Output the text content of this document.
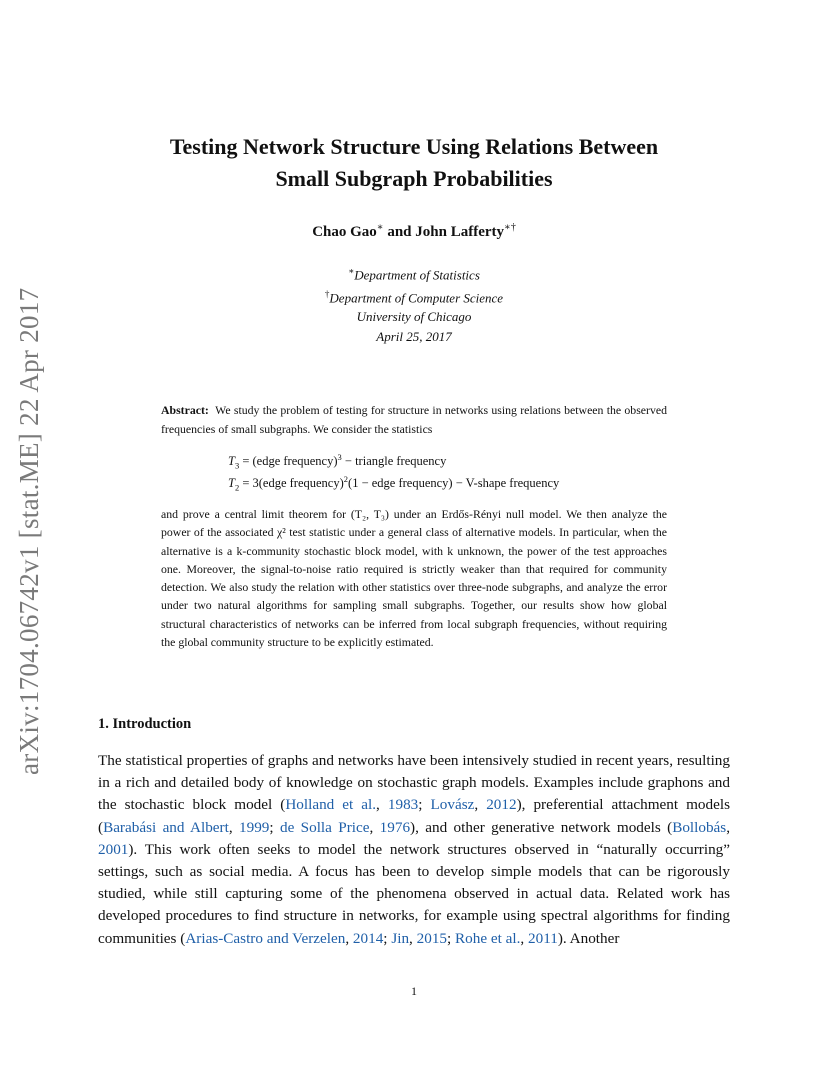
arXiv:1704.06742v1 [stat.ME] 22 Apr 2017
Testing Network Structure Using Relations Between
Small Subgraph Probabilities
Chao Gao∗ and John Lafferty∗†
∗Department of Statistics
†Department of Computer Science
University of Chicago
April 25, 2017
Abstract: We study the problem of testing for structure in networks using relations between the observed frequencies of small subgraphs. We consider the statistics
$T_3$ = (edge frequency)$^3$ − triangle frequency
$T_2$ = 3(edge frequency)$^2$(1 − edge frequency) − V-shape frequency
and prove a central limit theorem for (T₂, T₃) under an Erdős-Rényi null model. We then analyze the power of the associated χ² test statistic under a general class of alternative models. In particular, when the alternative is a k-community stochastic block model, with k unknown, the power of the test approaches one. Moreover, the signal-to-noise ratio required is strictly weaker than that required for community detection. We also study the relation with other statistics over three-node subgraphs, and analyze the error under two natural algorithms for sampling small subgraphs. Together, our results show how global structural characteristics of networks can be inferred from local subgraph frequencies, without requiring the global community structure to be explicitly estimated.
1. Introduction
The statistical properties of graphs and networks have been intensively studied in recent years, resulting in a rich and detailed body of knowledge on stochastic graph models. Examples include graphons and the stochastic block model (Holland et al., 1983; Lovász, 2012), preferential attachment models (Barabási and Albert, 1999; de Solla Price, 1976), and other generative network models (Bollobás, 2001). This work often seeks to model the network structures observed in “naturally occurring” settings, such as social media. A focus has been to develop simple models that can be rigorously studied, while still capturing some of the phenomena observed in actual data. Related work has developed procedures to find structure in networks, for example using spectral algorithms for finding communities (Arias-Castro and Verzelen, 2014; Jin, 2015; Rohe et al., 2011). Another
1
